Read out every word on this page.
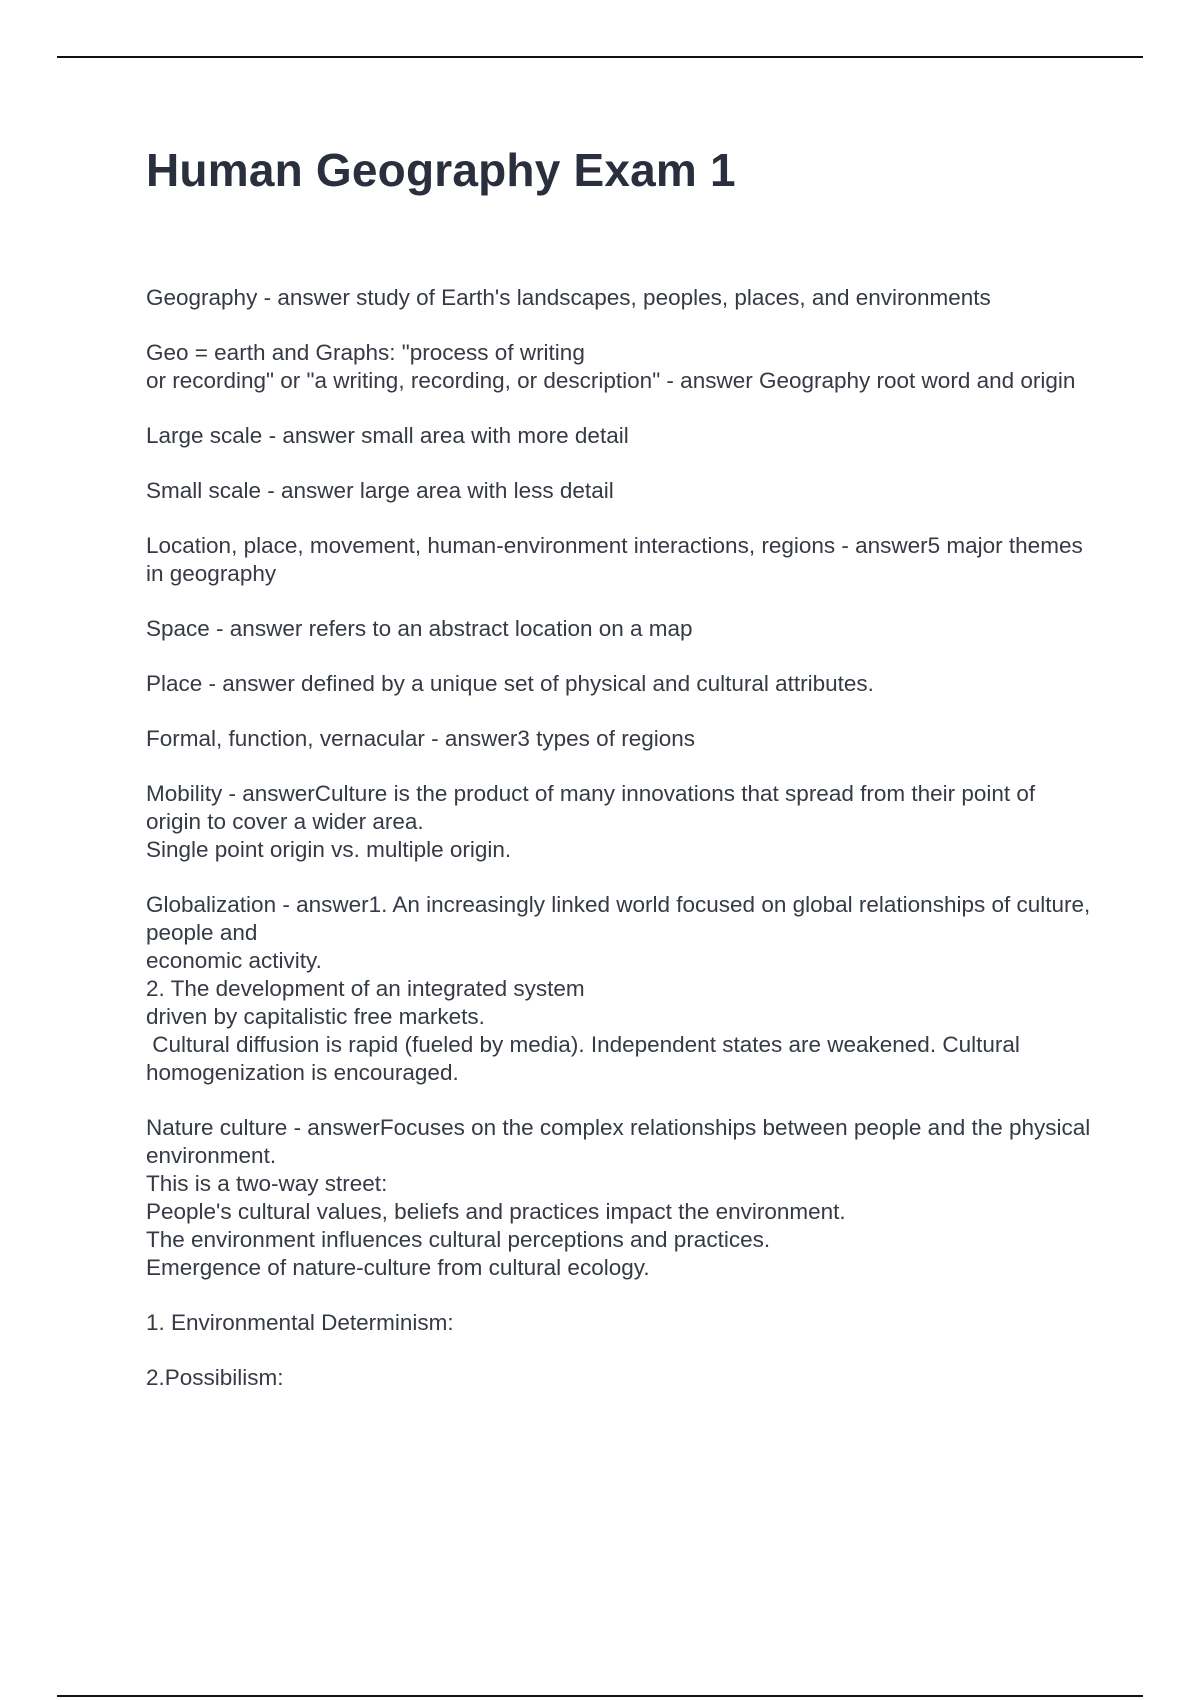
Human Geography Exam 1
Geography - answer study of Earth's landscapes, peoples, places, and environments
Geo = earth and Graphs: "process of writing
or recording" or "a writing, recording, or description" - answer Geography root word and origin
Large scale - answer small area with more detail
Small scale - answer large area with less detail
Location, place, movement, human-environment interactions, regions - answer5 major themes in geography
Space - answer refers to an abstract location on a map
Place - answer defined by a unique set of physical and cultural attributes.
Formal, function, vernacular - answer3 types of regions
Mobility - answerCulture is the product of many innovations that spread from their point of origin to cover a wider area.
Single point origin vs. multiple origin.
Globalization - answer1. An increasingly linked world focused on global relationships of culture, people and
economic activity.
2. The development of an integrated system
driven by capitalistic free markets.
Cultural diffusion is rapid (fueled by media). Independent states are weakened. Cultural homogenization is encouraged.
Nature culture - answerFocuses on the complex relationships between people and the physical environment.
This is a two-way street:
People's cultural values, beliefs and practices impact the environment.
The environment influences cultural perceptions and practices.
Emergence of nature-culture from cultural ecology.
1. Environmental Determinism:
2.Possibilism:
